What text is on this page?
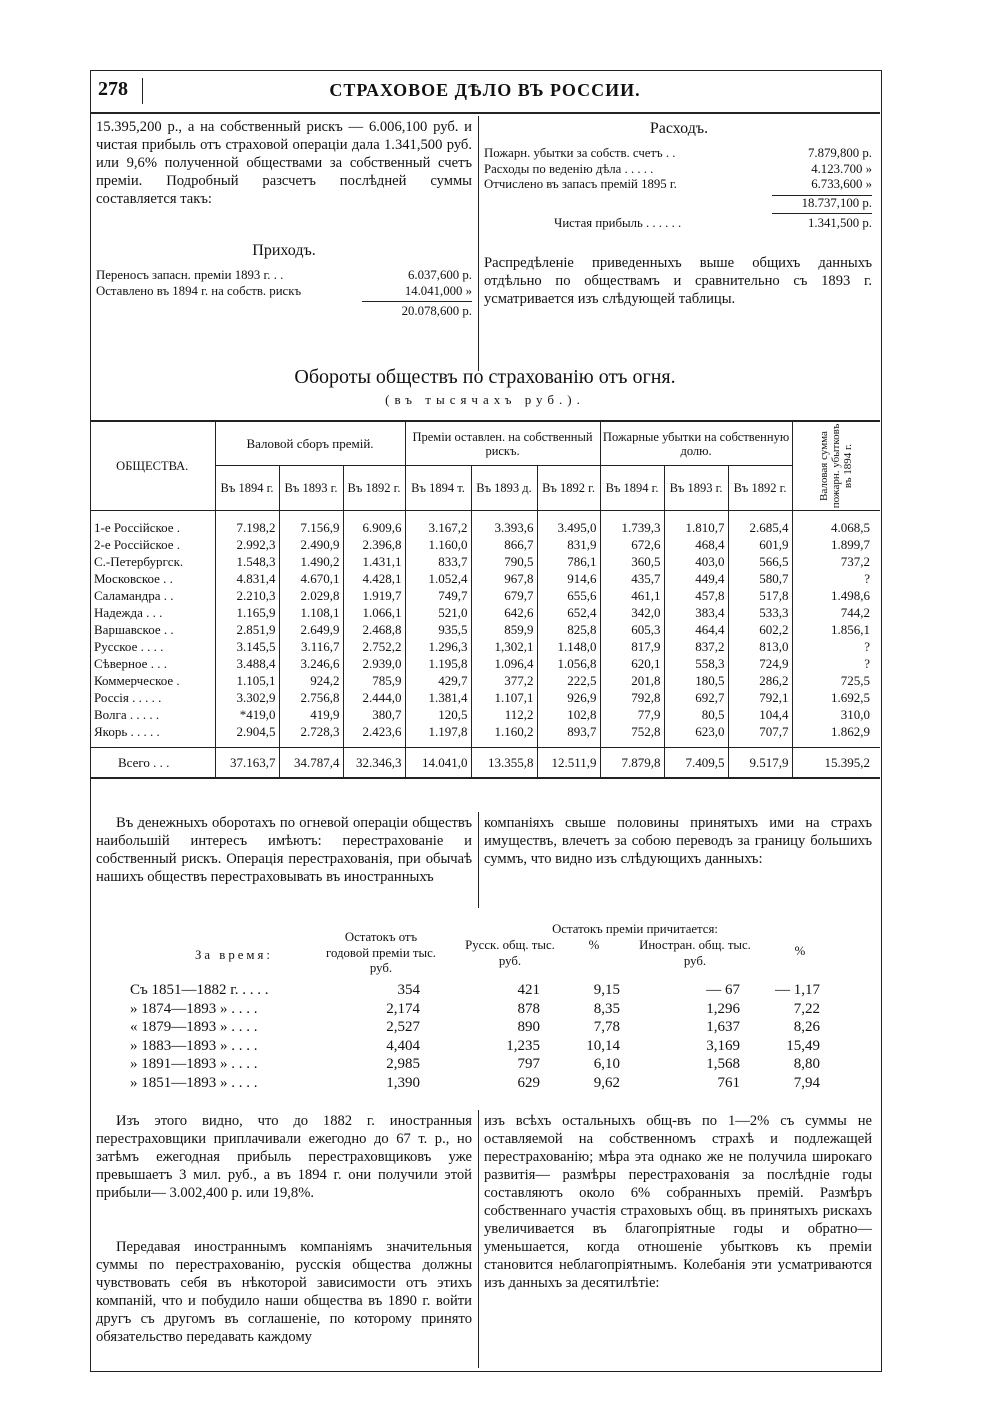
278	СТРАХОВОЕ ДѢЛО ВЪ РОССИИ.
15.395,200 р., а на собственный рискъ — 6.006,100 руб. и чистая прибыль отъ страховой операціи дала 1.341,500 руб. или 9,6% полученной обществами за собственный счетъ преміи. Подробный разсчетъ послѣдней суммы составляется такъ:
Приходъ.
Переносъ запасн. преміи 1893 г. . .	6.037,600 р.
Оставлено въ 1894 г. на собств. рискъ	14.041,000 »
20.078,600 р.
Расходъ.
Пожарн. убытки за собств. счетъ . .	7.879,800 р.
Расходы по веденію дѣла . . . . .	4.123.700 »
Отчислено въ запасъ премій 1895 г.	6.733,600 »
18.737,100 р.
Чистая прибыль . . . . . .	1.341,500 р.
Распредѣленіе приведенныхъ выше общихъ данныхъ отдѣльно по обществамъ и сравнительно съ 1893 г. усматривается изъ слѣдующей таблицы.
Обороты обществъ по страхованію отъ огня.
(въ тысячахъ руб.).
ОБЩЕСТВА.	Валовой сборъ премій.			Преміи оставлен. на собственный рискъ.			Пожарные убытки на собственную долю.			Валовая сумма пожарн. убытковъ въ 1894 г.

	Въ 1894 г.	Въ 1893 г.	Въ 1892 г.	Въ 1894 т.	Въ 1893 д.	Въ 1892 г.	Въ 1894 г.	Въ 1893 г.	Въ 1892 г.	

1-е Россійское .	7.198,2	7.156,9	6.909,6	3.167,2	3.393,6	3.495,0	1.739,3	1.810,7	2.685,4	4.068,5
2-е Россійское .	2.992,3	2.490,9	2.396,8	1.160,0	866,7	831,9	672,6	468,4	601,9	1.899,7
С.-Петербургск.	1.548,3	1.490,2	1.431,1	833,7	790,5	786,1	360,5	403,0	566,5	737,2
Московское . .	4.831,4	4.670,1	4.428,1	1.052,4	967,8	914,6	435,7	449,4	580,7	?
Саламандра . .	2.210,3	2.029,8	1.919,7	749,7	679,7	655,6	461,1	457,8	517,8	1.498,6
Надежда . . .	1.165,9	1.108,1	1.066,1	521,0	642,6	652,4	342,0	383,4	533,3	744,2
Варшавское . .	2.851,9	2.649,9	2.468,8	935,5	859,9	825,8	605,3	464,4	602,2	1.856,1
Русское . . . .	3.145,5	3.116,7	2.752,2	1.296,3	1,302,1	1.148,0	817,9	837,2	813,0	?
Сѣверное . . .	3.488,4	3.246,6	2.939,0	1.195,8	1.096,4	1.056,8	620,1	558,3	724,9	?
Коммерческое .	1.105,1	924,2	785,9	429,7	377,2	222,5	201,8	180,5	286,2	725,5
Россія . . . . .	3.302,9	2.756,8	2.444,0	1.381,4	1.107,1	926,9	792,8	692,7	792,1	1.692,5
Волга . . . . .	*419,0	419,9	380,7	120,5	112,2	102,8	77,9	80,5	104,4	310,0
Якорь . . . . .	2.904,5	2.728,3	2.423,6	1.197,8	1.160,2	893,7	752,8	623,0	707,7	1.862,9

Всего . . .	37.163,7	34.787,4	32.346,3	14.041,0	13.355,8	12.511,9	7.879,8	7.409,5	9.517,9	15.395,2
Въ денежныхъ оборотахъ по огневой операціи обществъ наибольшій интересъ имѣютъ: перестрахованіе и собственный рискъ. Операція перестрахованія, при обычаѣ нашихъ обществъ перестраховывать въ иностранныхъ
компаніяхъ свыше половины принятыхъ ими на страхъ имуществъ, влечетъ за собою переводъ за границу большихъ суммъ, что видно изъ слѣдующихъ данныхъ:
Остатокъ преміи причитается:
За время:
Остатокъ отъ годовой преміи тыс. руб.
Русск. общ. тыс. руб.
%	Иностран. общ. тыс. руб.
%
Съ 1851—1882 г. . . . .	354	421	9,15	— 67	— 1,17
» 1874—1893 » . . . .	2,174	878	8,35	1,296	7,22
« 1879—1893 » . . . .	2,527	890	7,78	1,637	8,26
» 1883—1893 » . . . .	4,404	1,235	10,14	3,169	15,49
» 1891—1893 » . . . .	2,985	797	6,10	1,568	8,80
» 1851—1893 » . . . .	1,390	629	9,62	761	7,94
Изъ этого видно, что до 1882 г. иностранныя перестраховщики приплачивали ежегодно до 67 т. р., но затѣмъ ежегодная прибыль перестраховщиковъ уже превышаетъ 3 мил. руб., а въ 1894 г. они получили этой прибыли— 3.002,400 р. или 19,8%.
Передавая иностраннымъ компаніямъ значительныя суммы по перестрахованію, русскія общества должны чувствовать себя въ нѣкоторой зависимости отъ этихъ компаній, что и побудило наши общества въ 1890 г. войти другъ съ другомъ въ соглашеніе, по которому принято обязательство передавать каждому
изъ всѣхъ остальныхъ общ-въ по 1—2% съ суммы не оставляемой на собственномъ страхѣ и подлежащей перестрахованію; мѣра эта однако же не получила широкаго развитія— размѣры перестрахованія за послѣдніе годы составляютъ около 6% собранныхъ премій. Размѣръ собственнаго участія страховыхъ общ. въ принятыхъ рискахъ увеличивается въ благопріятные годы и обратно—уменьшается, когда отношеніе убытковъ къ преміи становится неблагопріятнымъ. Колебанія эти усматриваются изъ данныхъ за десятилѣтіе:
